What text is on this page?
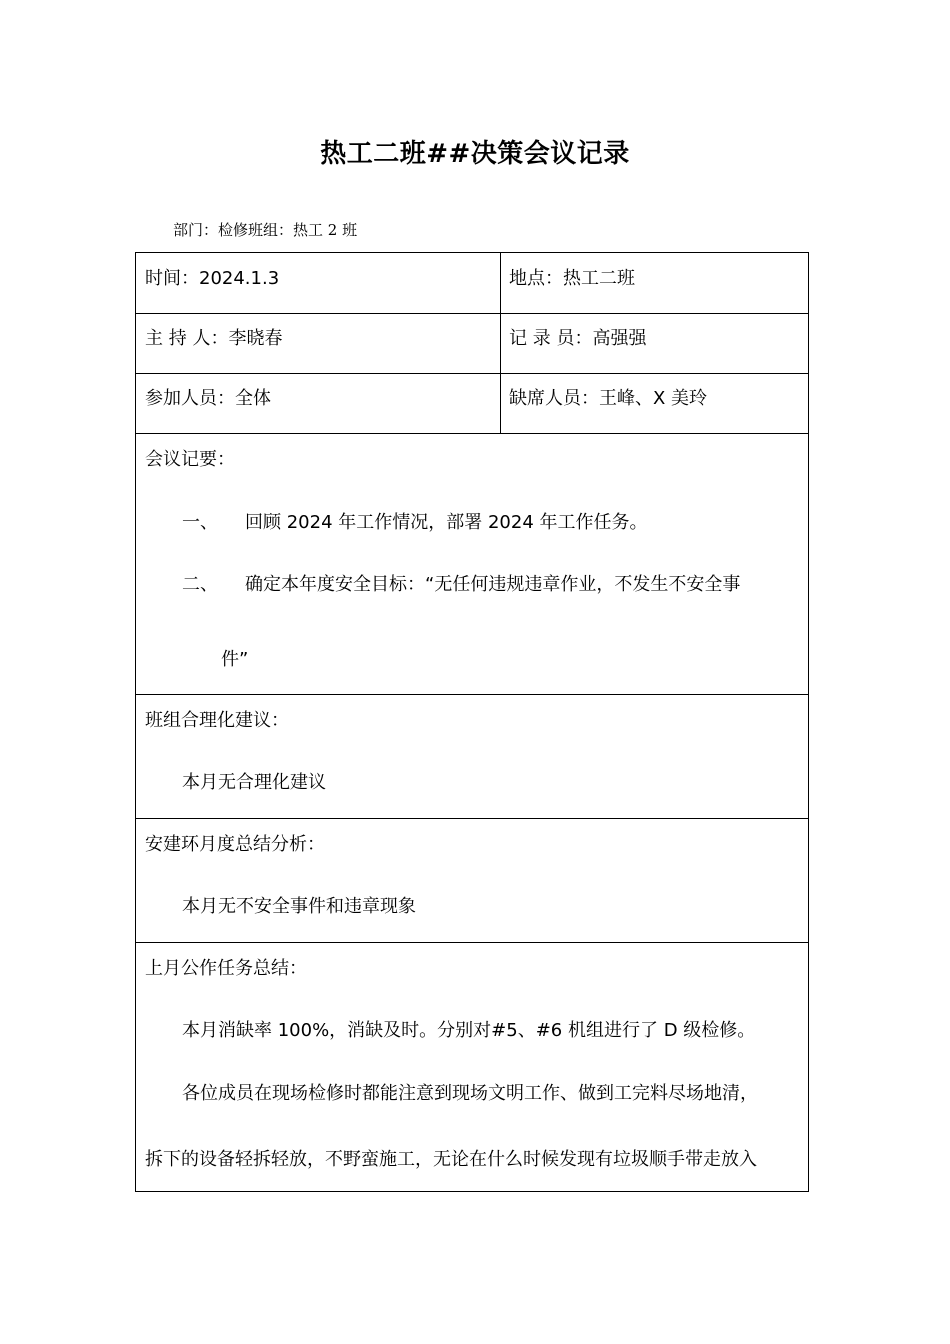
热工二班##决策会议记录
部门：检修班组：热工 2 班
时间：2024.1.3	地点：热工二班
主 持 人：李晓春	记 录 员：高强强
参加人员：全体	缺席人员：王峰、X 美玲
会议记要：
一、 回顾 2024 年工作情况，部署 2024 年工作任务。
二、 确定本年度安全目标：“无任何违规违章作业，不发生不安全事
件”
班组合理化建议：
本月无合理化建议
安建环月度总结分析：
本月无不安全事件和违章现象
上月公作任务总结：
本月消缺率 100%，消缺及时。分别对#5、#6 机组进行了 D 级检修。
各位成员在现场检修时都能注意到现场文明工作、做到工完料尽场地清，
拆下的设备轻拆轻放，不野蛮施工，无论在什么时候发现有垃圾顺手带走放入
